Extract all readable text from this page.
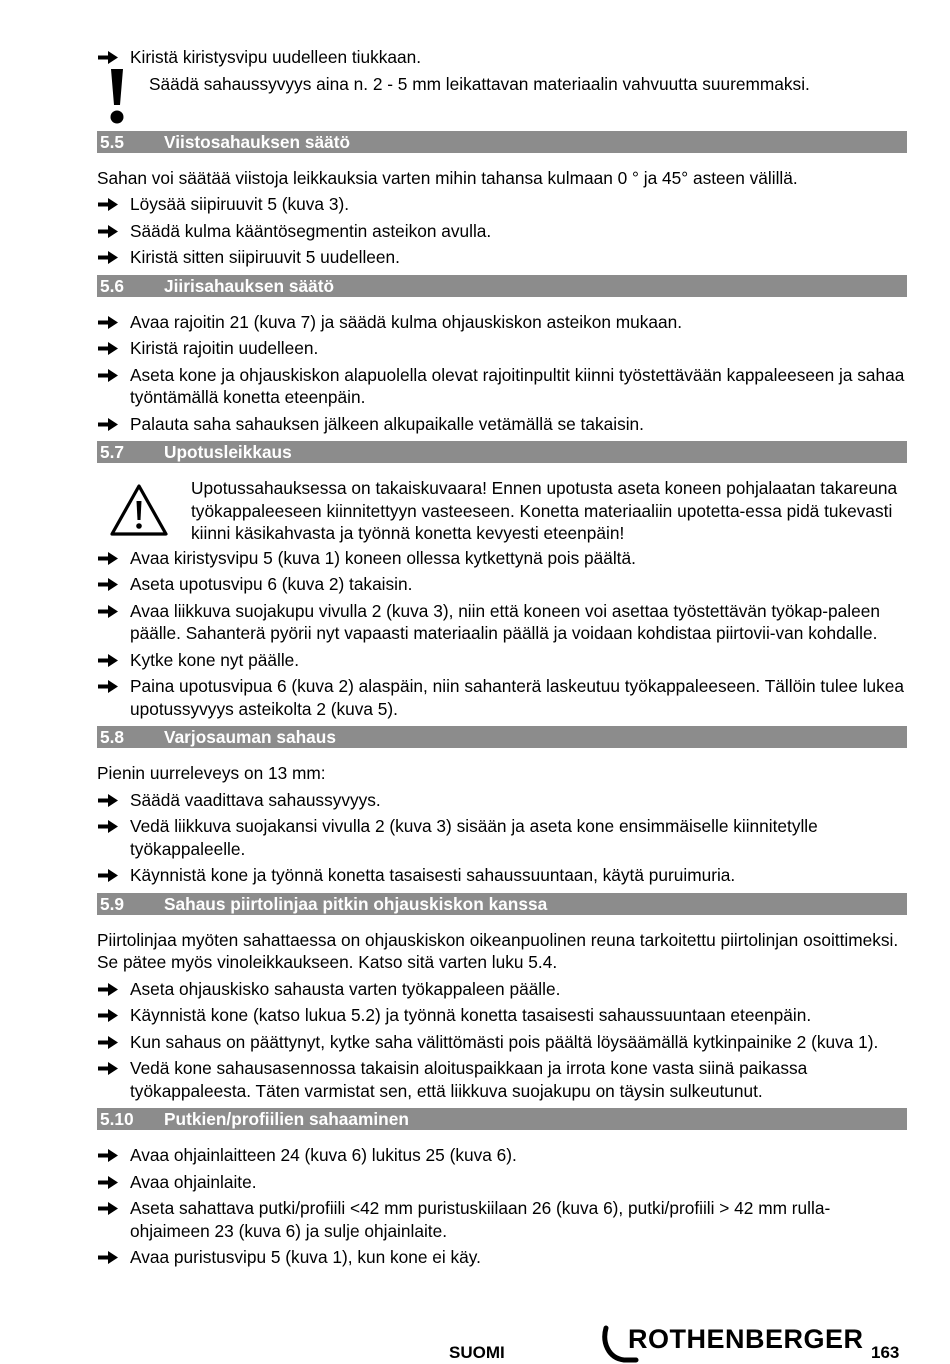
Kiristä kiristysvipu uudelleen tiukkaan.
Säädä sahaussyvyys aina n. 2 - 5 mm leikattavan materiaalin vahvuutta suuremmaksi.
5.5 Viistosahauksen säätö
Sahan voi säätää viistoja leikkauksia varten mihin tahansa kulmaan 0 ° ja 45° asteen välillä.
Löysää siipiruuvit 5 (kuva 3).
Säädä kulma kääntösegmentin asteikon avulla.
Kiristä sitten siipiruuvit 5 uudelleen.
5.6 Jiirisahauksen säätö
Avaa rajoitin 21 (kuva 7) ja säädä kulma ohjauskiskon asteikon mukaan.
Kiristä rajoitin uudelleen.
Aseta kone ja ohjauskiskon alapuolella olevat rajoitinpultit kiinni työstettävään kappaleeseen ja sahaa työntämällä konetta eteenpäin.
Palauta saha sahauksen jälkeen alkupaikalle vetämällä se takaisin.
5.7 Upotusleikkaus
Upotussahauksessa on takaiskuvaara! Ennen upotusta aseta koneen pohjalaatan takareuna työkappaleeseen kiinnitettyyn vasteeseen. Konetta materiaaliin upotetta-essa pidä tukevasti kiinni käsikahvasta ja työnnä konetta kevyesti eteenpäin!
Avaa kiristysvipu 5 (kuva 1) koneen ollessa kytkettynä pois päältä.
Aseta upotusvipu 6 (kuva 2) takaisin.
Avaa liikkuva suojakupu vivulla 2 (kuva 3), niin että koneen voi asettaa työstettävän työkap-paleen päälle. Sahanterä pyörii nyt vapaasti materiaalin päällä ja voidaan kohdistaa piirtovii-van kohdalle.
Kytke kone nyt päälle.
Paina upotusvipua 6 (kuva 2) alaspäin, niin sahanterä laskeutuu työkappaleeseen. Tällöin tulee lukea upotussyvyys asteikolta 2 (kuva 5).
5.8 Varjosauman sahaus
Pienin uurreleveys on 13 mm:
Säädä vaadittava sahaussyvyys.
Vedä liikkuva suojakansi vivulla 2 (kuva 3) sisään ja aseta kone ensimmäiselle kiinnitetylle työkappaleelle.
Käynnistä kone ja työnnä konetta tasaisesti sahaussuuntaan, käytä puruimuria.
5.9 Sahaus piirtolinjaa pitkin ohjauskiskon kanssa
Piirtolinjaa myöten sahattaessa on ohjauskiskon oikeanpuolinen reuna tarkoitettu piirtolinjan osoittimeksi. Se pätee myös vinoleikkaukseen. Katso sitä varten luku 5.4.
Aseta ohjauskisko sahausta varten työkappaleen päälle.
Käynnistä kone (katso lukua 5.2) ja työnnä konetta tasaisesti sahaussuuntaan eteenpäin.
Kun sahaus on päättynyt, kytke saha välittömästi pois päältä löysäämällä kytkinpainike 2 (kuva 1).
Vedä kone sahausasennossa takaisin aloituspaikkaan ja irrota kone vasta siinä paikassa työkappaleesta. Täten varmistat sen, että liikkuva suojakupu on täysin sulkeutunut.
5.10 Putkien/profiilien sahaaminen
Avaa ohjainlaitteen 24 (kuva 6) lukitus 25 (kuva 6).
Avaa ohjainlaite.
Aseta sahattava putki/profiili <42 mm puristuskiilaan 26 (kuva 6), putki/profiili > 42 mm rulla-ohjaimeen 23 (kuva 6) ja sulje ohjainlaite.
Avaa puristusvipu 5 (kuva 1), kun kone ei käy.
SUOMI	ROTHENBERGER 163
